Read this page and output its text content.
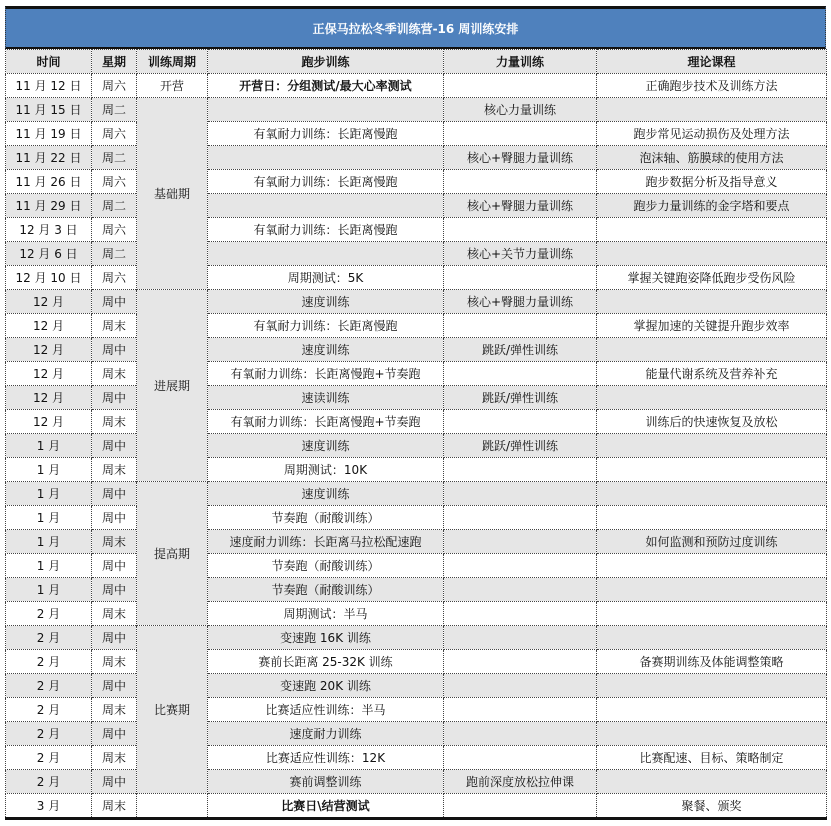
正保马拉松冬季训练营-16 周训练安排
时间	星期	训练周期	跑步训练	力量训练	理论课程
11 月 12 日	周六	开营	开营日：分组测试/最大心率测试		正确跑步技术及训练方法
11 月 15 日	周二	基础期		核心力量训练	
11 月 19 日	周六		有氧耐力训练：长距离慢跑		跑步常见运动损伤及处理方法
11 月 22 日	周二			核心+臀腿力量训练	泡沫轴、筋膜球的使用方法
11 月 26 日	周六		有氧耐力训练：长距离慢跑		跑步数据分析及指导意义
11 月 29 日	周二			核心+臀腿力量训练	跑步力量训练的金字塔和要点
12 月 3 日	周六		有氧耐力训练：长距离慢跑		
12 月 6 日	周二			核心+关节力量训练	
12 月 10 日	周六		周期测试：5K		掌握关键跑姿降低跑步受伤风险
12 月	周中	进展期	速度训练	核心+臀腿力量训练	
12 月	周末		有氧耐力训练：长距离慢跑		掌握加速的关键提升跑步效率
12 月	周中		速度训练	跳跃/弹性训练	
12 月	周末		有氧耐力训练：长距离慢跑+节奏跑		能量代谢系统及营养补充
12 月	周中		速读训练	跳跃/弹性训练	
12 月	周末		有氧耐力训练：长距离慢跑+节奏跑		训练后的快速恢复及放松
1 月	周中		速度训练	跳跃/弹性训练	
1 月	周末		周期测试：10K		
1 月	周中	提高期	速度训练		
1 月	周中		节奏跑（耐酸训练）		
1 月	周末		速度耐力训练：长距离马拉松配速跑		如何监测和预防过度训练
1 月	周中		节奏跑（耐酸训练）		
1 月	周中		节奏跑（耐酸训练）		
2 月	周末		周期测试：半马		
2 月	周中	比赛期	变速跑 16K 训练		
2 月	周末		赛前长距离 25-32K 训练		备赛期训练及体能调整策略
2 月	周中		变速跑 20K 训练		
2 月	周末		比赛适应性训练：半马		
2 月	周中		速度耐力训练		
2 月	周末		比赛适应性训练：12K		比赛配速、目标、策略制定
2 月	周中		赛前调整训练	跑前深度放松拉伸课	
3 月	周末		比赛日\结营测试		聚餐、颁奖
